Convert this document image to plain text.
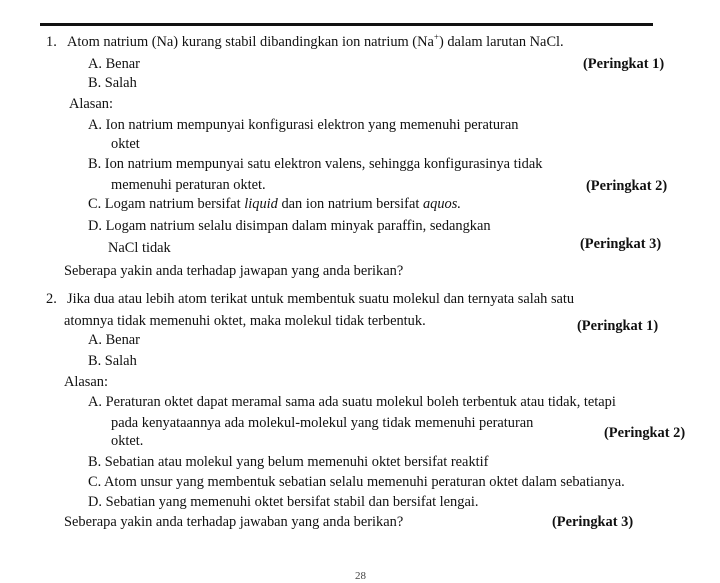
1. Atom natrium (Na) kurang stabil dibandingkan ion natrium (Na+) dalam larutan NaCl.
A. Benar	(Peringkat 1)
B. Salah
Alasan:
A. Ion natrium mempunyai konfigurasi elektron yang memenuhi peraturan
oktet
B. Ion natrium mempunyai satu elektron valens, sehingga konfigurasinya tidak
memenuhi peraturan oktet.	(Peringkat 2)
C. Logam natrium bersifat liquid dan ion natrium bersifat aquos.
D. Logam natrium selalu disimpan dalam minyak paraffin, sedangkan
NaCl tidak	(Peringkat 3)
Seberapa yakin anda terhadap jawapan yang anda berikan?
2. Jika dua atau lebih atom terikat untuk membentuk suatu molekul dan ternyata salah satu
atomnya tidak memenuhi oktet, maka molekul tidak terbentuk.	(Peringkat 1)
A. Benar
B. Salah
Alasan:
A. Peraturan oktet dapat meramal sama ada suatu molekul boleh terbentuk atau tidak, tetapi
pada kenyataannya ada molekul-molekul yang tidak memenuhi peraturan
oktet.	(Peringkat 2)
B. Sebatian atau molekul yang belum memenuhi oktet bersifat reaktif
C. Atom unsur yang membentuk sebatian selalu memenuhi peraturan oktet dalam sebatianya.
D. Sebatian yang memenuhi oktet bersifat stabil dan bersifat lengai.
Seberapa yakin anda terhadap jawaban yang anda berikan?	(Peringkat 3)
28
